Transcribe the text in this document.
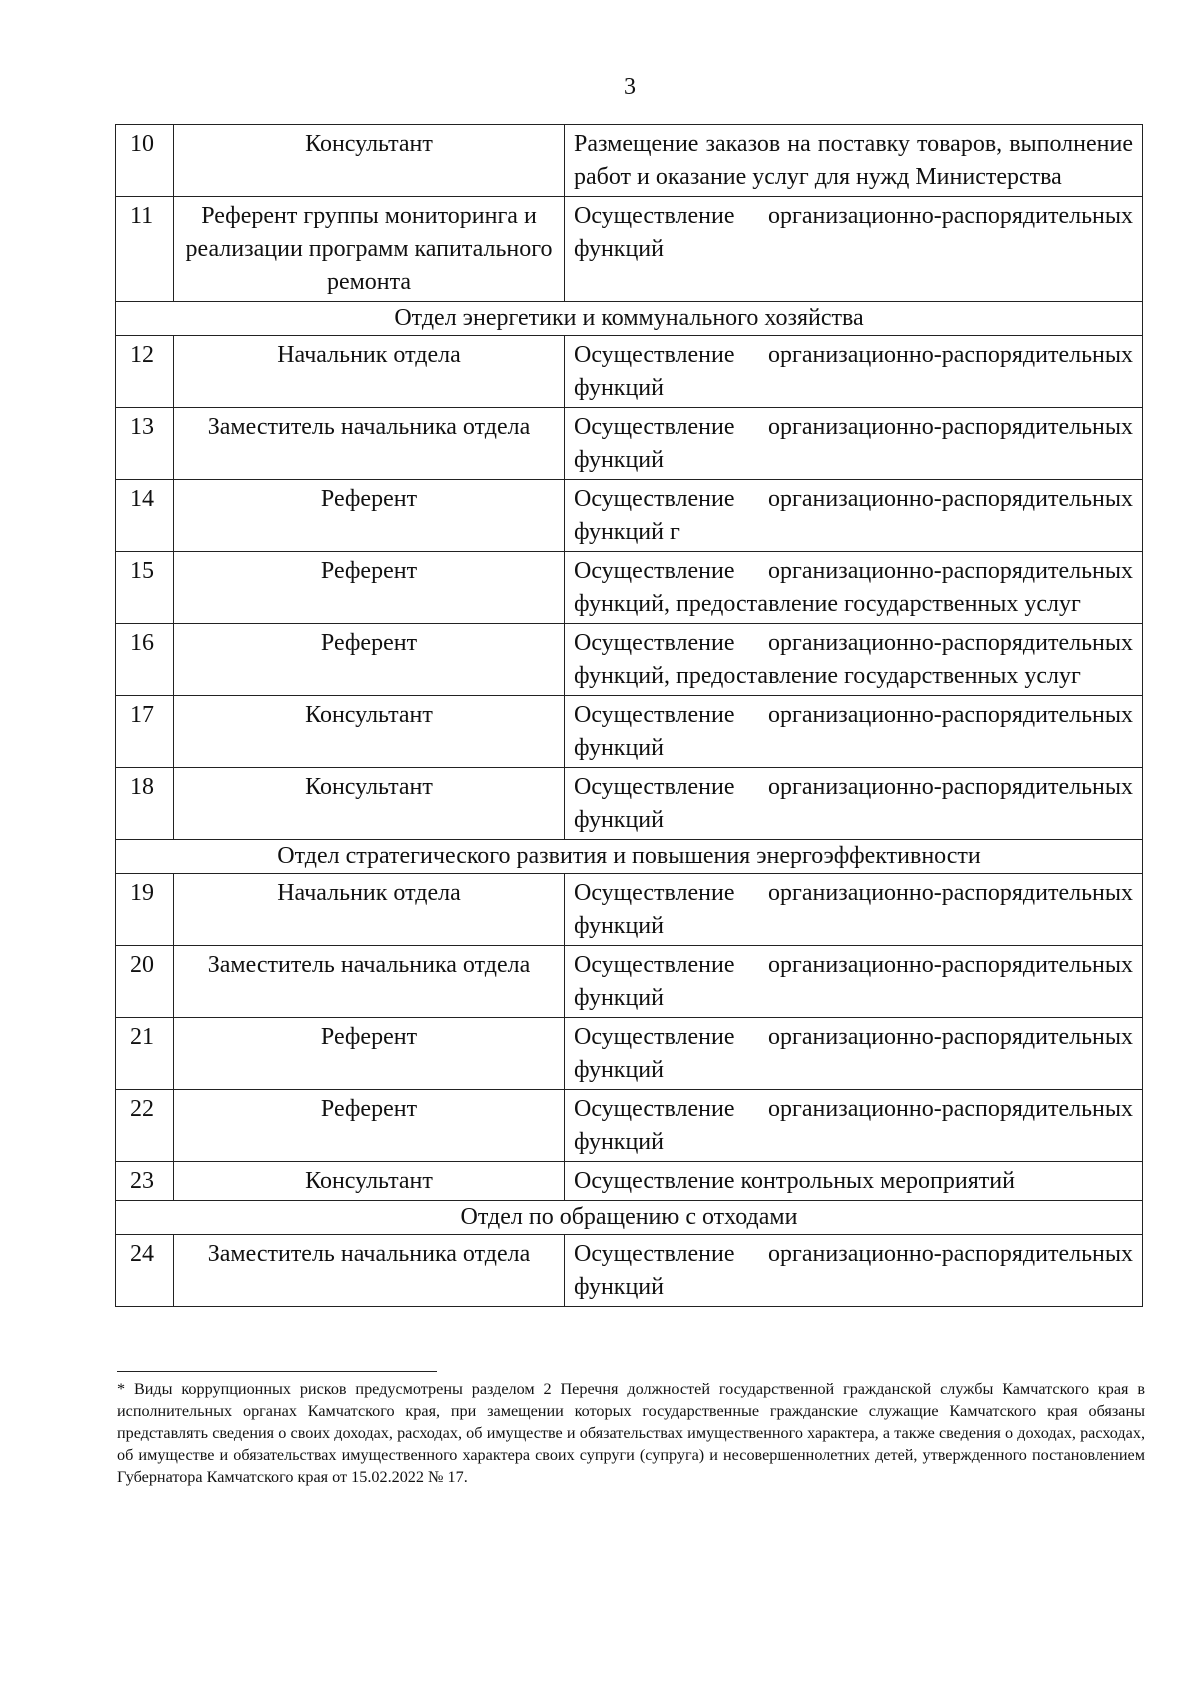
3
10	Консультант	Размещение заказов на поставку товаров, выполнение работ и оказание услуг для нужд Министерства
11	Референт группы мониторинга и реализации программ капитального ремонта	Осуществление организационно-распорядительных функций
Отдел энергетики и коммунального хозяйства		
12	Начальник отдела	Осуществление организационно-распорядительных функций
13	Заместитель начальника отдела	Осуществление организационно-распорядительных функций
14	Референт	Осуществление организационно-распорядительных функций г
15	Референт	Осуществление организационно-распорядительных функций, предоставление государственных услуг
16	Референт	Осуществление организационно-распорядительных функций, предоставление государственных услуг
17	Консультант	Осуществление организационно-распорядительных функций
18	Консультант	Осуществление организационно-распорядительных функций
Отдел стратегического развития и повышения энергоэффективности		
19	Начальник отдела	Осуществление организационно-распорядительных функций
20	Заместитель начальника отдела	Осуществление организационно-распорядительных функций
21	Референт	Осуществление организационно-распорядительных функций
22	Референт	Осуществление организационно-распорядительных функций
23	Консультант	Осуществление контрольных мероприятий
Отдел по обращению с отходами		
24	Заместитель начальника отдела	Осуществление организационно-распорядительных функций
* Виды коррупционных рисков предусмотрены разделом 2 Перечня должностей государственной гражданской службы Камчатского края в исполнительных органах Камчатского края, при замещении которых государственные гражданские служащие Камчатского края обязаны представлять сведения о своих доходах, расходах, об имуществе и обязательствах имущественного характера, а также сведения о доходах, расходах, об имуществе и обязательствах имущественного характера своих супруги (супруга) и несовершеннолетних детей, утвержденного постановлением Губернатора Камчатского края от 15.02.2022 № 17.
